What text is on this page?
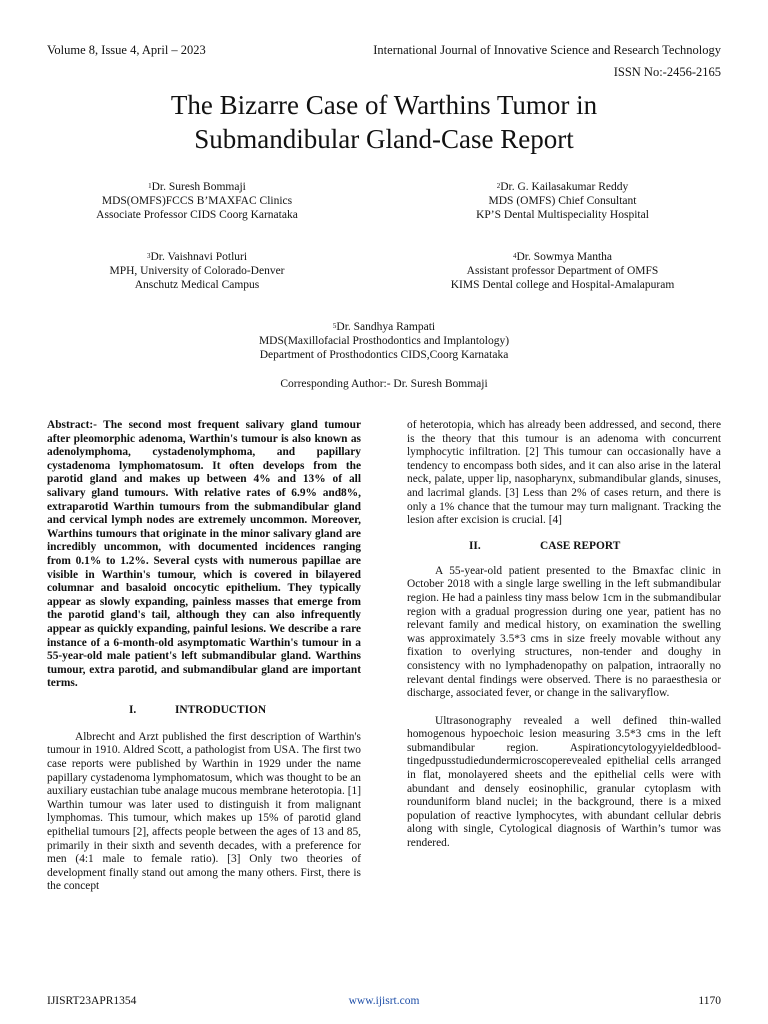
Volume 8, Issue 4, April – 2023	International Journal of Innovative Science and Research Technology
ISSN No:-2456-2165
The Bizarre Case of Warthins Tumor in
Submandibular Gland-Case Report
$^1$Dr. Suresh Bommaji
MDS(OMFS)FCCS B’MAXFAC Clinics
Associate Professor CIDS Coorg Karnataka
$^2$Dr. G. Kailasakumar Reddy
MDS (OMFS) Chief Consultant
KP’S Dental Multispeciality Hospital
$^3$Dr. Vaishnavi Potluri
MPH, University of Colorado-Denver
Anschutz Medical Campus
$^4$Dr. Sowmya Mantha
Assistant professor Department of OMFS
KIMS Dental college and Hospital-Amalapuram
$^5$Dr. Sandhya Rampati
MDS(Maxillofacial Prosthodontics and Implantology)
Department of Prosthodontics CIDS,Coorg Karnataka
Corresponding Author:- Dr. Suresh Bommaji

Abstract:- The second most frequent salivary gland tumour after pleomorphic adenoma, Warthin's tumour is also known as adenolymphoma, cystadenolymphoma, and papillary cystadenoma lymphomatosum. It often develops from the parotid gland and makes up between 4% and 13% of all salivary gland tumours. With relative rates of 6.9% and8%, extraparotid Warthin tumours from the submandibular gland and cervical lymph nodes are extremely uncommon. Moreover, Warthins tumours that originate in the minor salivary gland are incredibly uncommon, with documented incidences ranging from 0.1% to 1.2%. Several cysts with numerous papillae are visible in Warthin's tumour, which is covered in bilayered columnar and basaloid oncocytic epithelium. They typically appear as slowly expanding, painless masses that emerge from the parotid gland's tail, although they can also infrequently appear as quickly expanding, painful lesions. We describe a rare instance of a 6-month-old asymptomatic Warthin's tumour in a 55-year-old male patient's left submandibular gland. Warthins tumour, extra parotid, and submandibular gland are important terms.

I.	INTRODUCTION

Albrecht and Arzt published the first description of Warthin's tumour in 1910. Aldred Scott, a pathologist from USA. The first two case reports were published by Warthin in 1929 under the name papillary cystadenoma lymphomatosum, which was thought to be an auxiliary eustachian tube analage mucous membrane heterotopia. [1] Warthin tumour was later used to distinguish it from malignant lymphomas. This tumour, which makes up 15% of parotid gland epithelial tumours [2], affects people between the ages of 13 and 85, primarily in their sixth and seventh decades, with a preference for men (4:1 male to female ratio). [3] Only two theories of development finally stand out among the many others. First, there is the concept

of heterotopia, which has already been addressed, and second, there is the theory that this tumour is an adenoma with concurrent lymphocytic infiltration. [2] This tumour can occasionally have a tendency to encompass both sides, and it can also arise in the lateral neck, palate, upper lip, nasopharynx, submandibular glands, sinuses, and lacrimal glands. [3] Less than 2% of cases return, and there is only a 1% chance that the tumour may turn malignant. Tracking the lesion after excision is crucial. [4]

II.	CASE REPORT

A 55-year-old patient presented to the Bmaxfac clinic in October 2018 with a single large swelling in the left submandibular region. He had a painless tiny mass below 1cm in the submandibular region with a gradual progression during one year, patient has no relevant family and medical history, on examination the swelling was approximately 3.5*3 cms in size freely movable without any fixation to overlying structures, non-tender and doughy in consistency with no lymphadenopathy on palpation, intraorally no relevant dental findings were observed. There is no paraesthesia or discharge, associated fever, or change in the salivaryflow.

Ultrasonography revealed a well defined thin-walled homogenous hypoechoic lesion measuring 3.5*3 cms in the left submandibular region. Aspirationcytologyyieldedblood-tingedpusstudiedundermicroscoperevealed epithelial cells arranged in flat, monolayered sheets and the epithelial cells were with abundant and densely eosinophilic, granular cytoplasm with rounduniform bland nuclei; in the background, there is a mixed population of reactive lymphocytes, with abundant cellular debris along with single, Cytological diagnosis of Warthin’s tumor was rendered.

IJISRT23APR1354	www.ijisrt.com	1170
